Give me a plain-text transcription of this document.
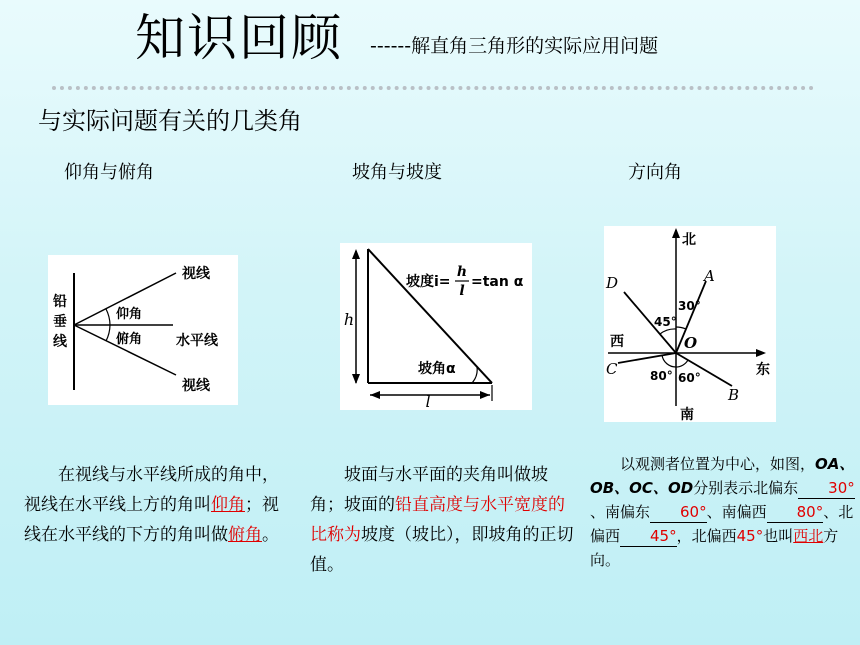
知识回顾 ------解直角三角形的实际应用问题
与实际问题有关的几类角
仰角与俯角	坡角与坡度	方向角
铅
垂
线
视线
仰角
俯角 水平线
视线
h
l
坡度i=
h
l
=tan α
坡角α
北
南
东
西	O
A
B
C
D
30°
45°
80° 60°
在视线与水平线所成的角中，视线在水平线上方的角叫仰角；视线在水平线的下方的角叫做俯角。
坡面与水平面的夹角叫做坡角；坡面的铅直高度与水平宽度的比称为坡度（坡比），即坡角的正切值。
以观测者位置为中心，如图，OA、OB、OC、OD分别表示北偏东 30°、南偏东 60°、南偏西 80°、北偏西 45°，北偏西45°也叫西北方向。
